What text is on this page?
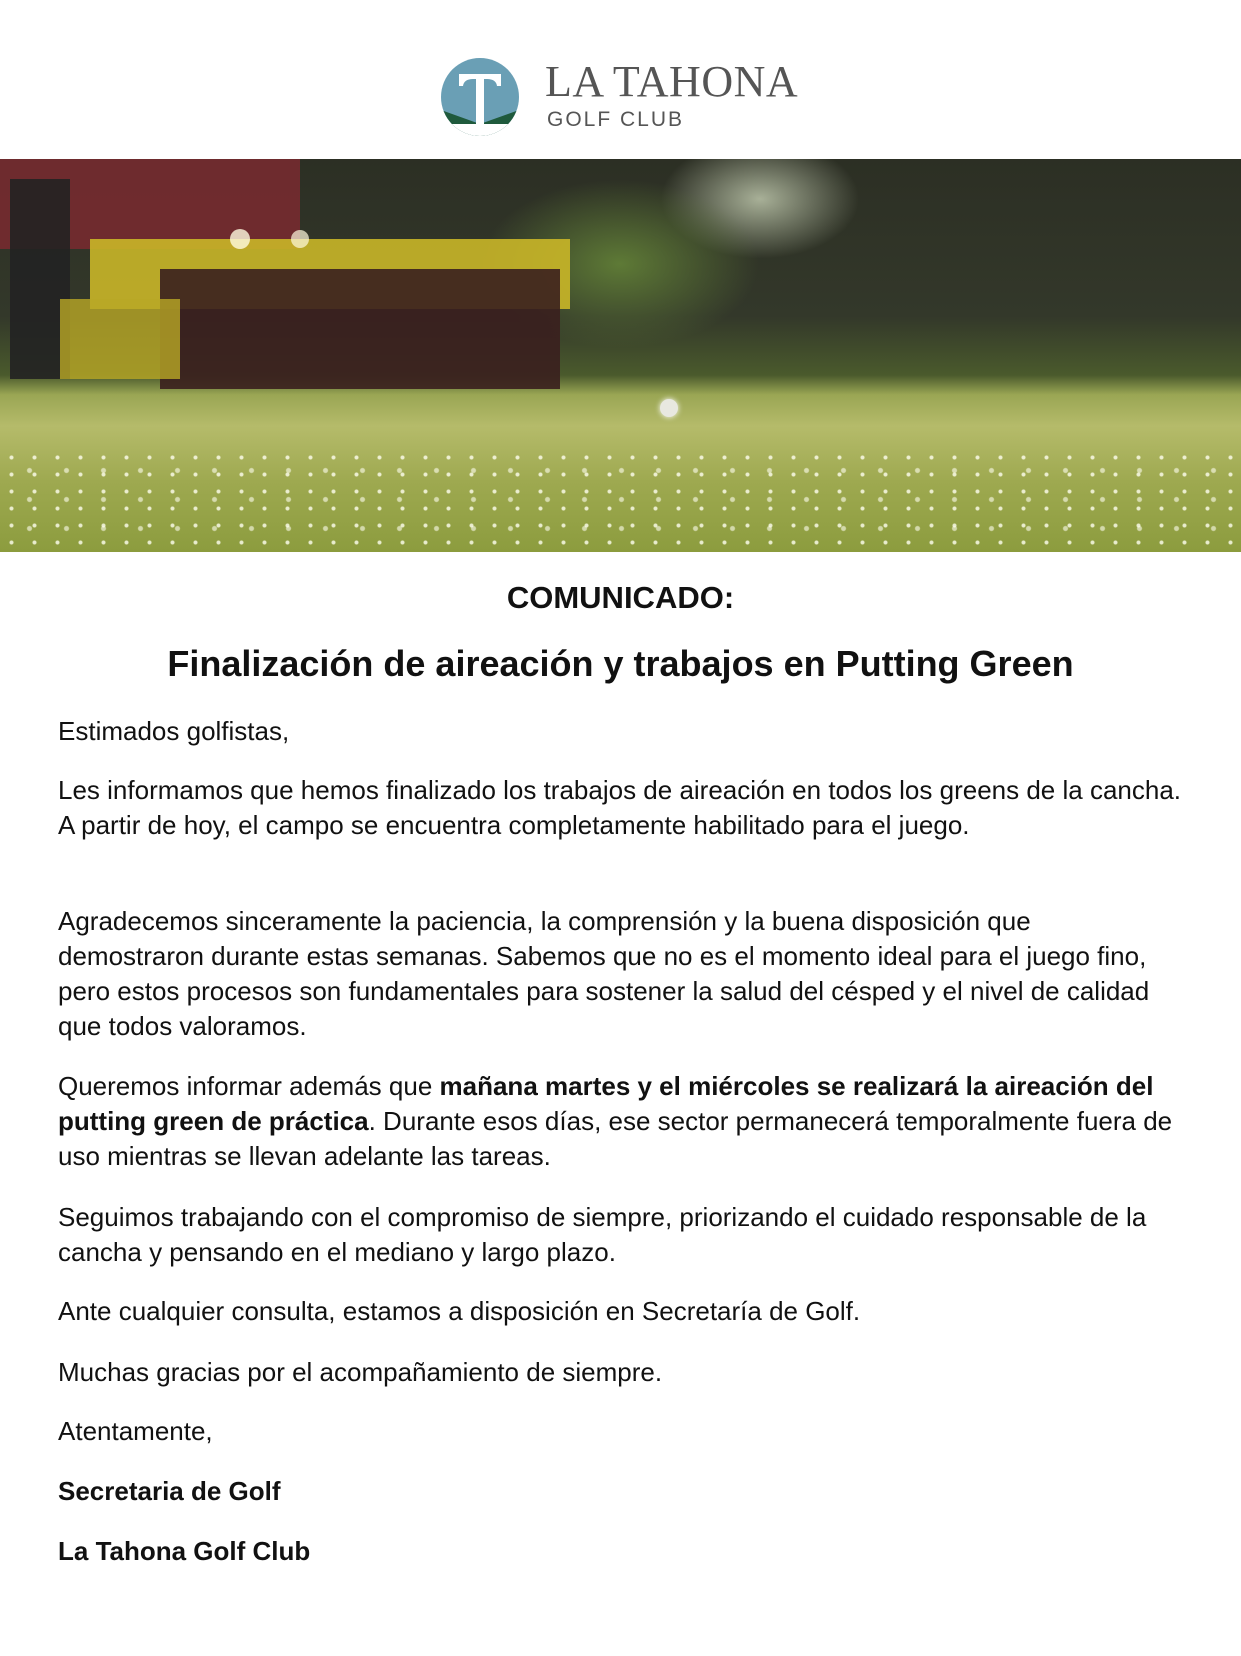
LA TAHONA
GOLF CLUB
COMUNICADO:
Finalización de aireación y trabajos en Putting Green

Estimados golfistas,

Les informamos que hemos finalizado los trabajos de aireación en todos los greens de la cancha. A partir de hoy, el campo se encuentra completamente habilitado para el juego.

Agradecemos sinceramente la paciencia, la comprensión y la buena disposición que demostraron durante estas semanas. Sabemos que no es el momento ideal para el juego fino, pero estos procesos son fundamentales para sostener la salud del césped y el nivel de calidad que todos valoramos.

Queremos informar además que mañana martes y el miércoles se realizará la aireación del putting green de práctica. Durante esos días, ese sector permanecerá temporalmente fuera de uso mientras se llevan adelante las tareas.

Seguimos trabajando con el compromiso de siempre, priorizando el cuidado responsable de la cancha y pensando en el mediano y largo plazo.

Ante cualquier consulta, estamos a disposición en Secretaría de Golf.

Muchas gracias por el acompañamiento de siempre.

Atentamente,

Secretaria de Golf

La Tahona Golf Club
